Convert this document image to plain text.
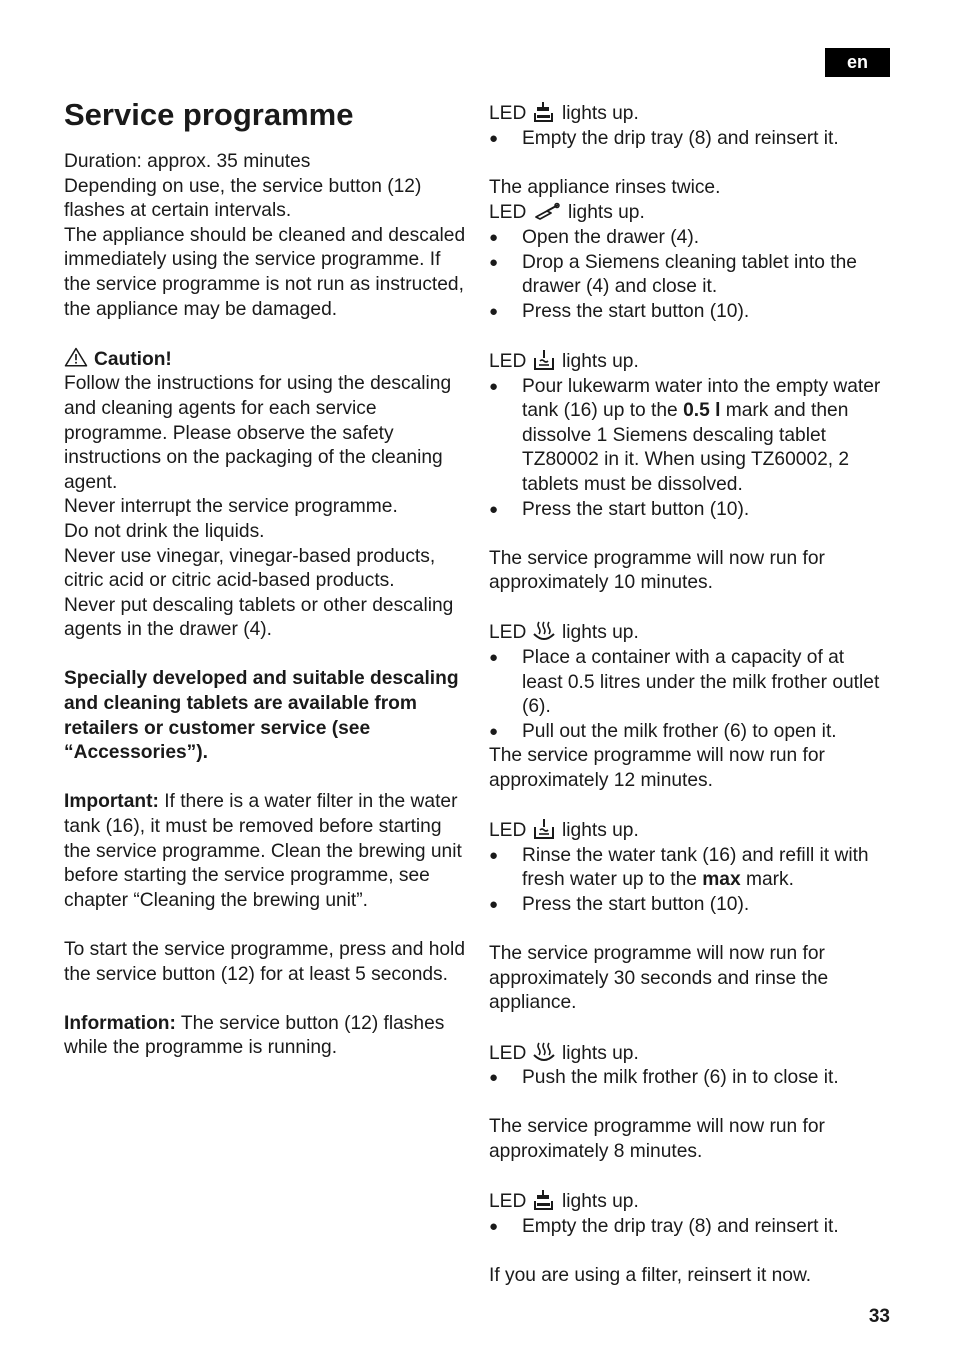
en
Service programme

Duration: approx. 35 minutes

Depending on use, the service button (12) flashes at certain intervals.

The appliance should be cleaned and descaled immediately using the service programme. If the service programme is not run as instructed, the appliance may be damaged.

Caution!

Follow the instructions for using the descaling and cleaning agents for each service programme. Please observe the safety instructions on the packaging of the cleaning agent.

Never interrupt the service programme.

Do not drink the liquids.

Never use vinegar, vinegar-based products, citric acid or citric acid-based products.

Never put descaling tablets or other descaling agents in the drawer (4).

Specially developed and suitable descaling and cleaning tablets are available from retailers or customer service (see “Accessories”).

Important: If there is a water filter in the water tank (16), it must be removed before starting the service programme. Clean the brewing unit before starting the service programme, see chapter “Cleaning the brewing unit”.

To start the service programme, press and hold the service button (12) for at least 5 seconds.

Information: The service button (12) flashes while the programme is running.

LED lights up.

● Empty the drip tray (8) and reinsert it.

The appliance rinses twice.

LED lights up.

● Open the drawer (4).
● Drop a Siemens cleaning tablet into the drawer (4) and close it.
● Press the start button (10).

LED lights up.

● Pour lukewarm water into the empty water tank (16) up to the 0.5 l mark and then dissolve 1 Siemens descaling tablet TZ80002 in it. When using TZ60002, 2 tablets must be dissolved.
● Press the start button (10).

The service programme will now run for approximately 10 minutes.

LED lights up.

● Place a container with a capacity of at least 0.5 litres under the milk frother outlet (6).
● Pull out the milk frother (6) to open it.

The service programme will now run for approximately 12 minutes.

LED lights up.

● Rinse the water tank (16) and refill it with fresh water up to the max mark.
● Press the start button (10).

The service programme will now run for approximately 30 seconds and rinse the appliance.

LED lights up.

● Push the milk frother (6) in to close it.

The service programme will now run for approximately 8 minutes.

LED lights up.

● Empty the drip tray (8) and reinsert it.

If you are using a filter, reinsert it now.

33
